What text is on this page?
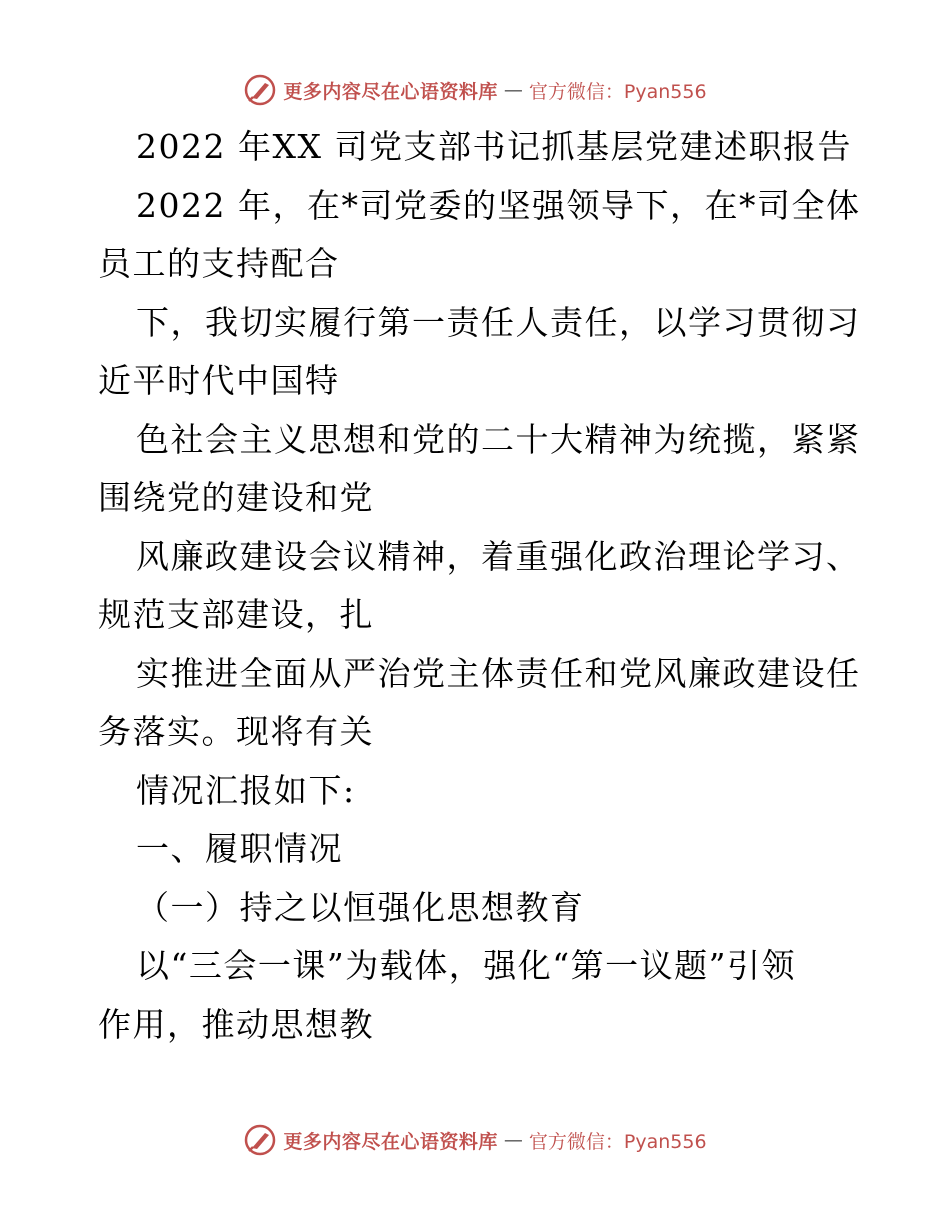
更多内容尽在心语资料库 — 官方微信：Pyan556
2022 年XX 司党支部书记抓基层党建述职报告
2022 年，在*司党委的坚强领导下，在*司全体
员工的支持配合
下，我切实履行第一责任人责任，以学习贯彻习
近平时代中国特
色社会主义思想和党的二十大精神为统揽，紧紧
围绕党的建设和党
风廉政建设会议精神，着重强化政治理论学习、
规范支部建设，扎
实推进全面从严治党主体责任和党风廉政建设任
务落实。现将有关
情况汇报如下:
一、履职情况
（一）持之以恒强化思想教育
以“三会一课”为载体，强化“第一议题”引领
作用，推动思想教
更多内容尽在心语资料库 — 官方微信：Pyan556
